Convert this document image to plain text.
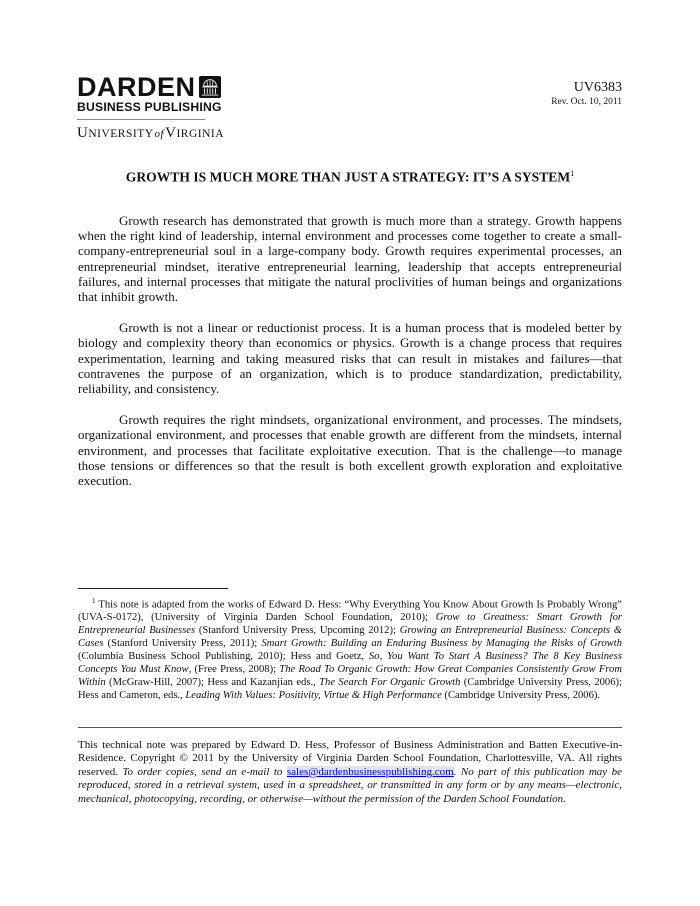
DARDEN
BUSINESS PUBLISHING
UNIVERSITYofVIRGINIA
UV6383
Rev. Oct. 10, 2011
GROWTH IS MUCH MORE THAN JUST A STRATEGY: IT’S A SYSTEM$^1$

Growth research has demonstrated that growth is much more than a strategy. Growth happens when the right kind of leadership, internal environment and processes come together to create a small-company-entrepreneurial soul in a large-company body. Growth requires experimental processes, an entrepreneurial mindset, iterative entrepreneurial learning, leadership that accepts entrepreneurial failures, and internal processes that mitigate the natural proclivities of human beings and organizations that inhibit growth.

Growth is not a linear or reductionist process. It is a human process that is modeled better by biology and complexity theory than economics or physics. Growth is a change process that requires experimentation, learning and taking measured risks that can result in mistakes and failures—that contravenes the purpose of an organization, which is to produce standardization, predictability, reliability, and consistency.

Growth requires the right mindsets, organizational environment, and processes. The mindsets, organizational environment, and processes that enable growth are different from the mindsets, internal environment, and processes that facilitate exploitative execution. That is the challenge—to manage those tensions or differences so that the result is both excellent growth exploration and exploitative execution.

$^1$ This note is adapted from the works of Edward D. Hess: “Why Everything You Know About Growth Is Probably Wrong” (UVA-S-0172), (University of Virginia Darden School Foundation, 2010); Grow to Greatness: Smart Growth for Entrepreneurial Businesses (Stanford University Press, Upcoming 2012); Growing an Entrepreneurial Business: Concepts & Cases (Stanford University Press, 2011); Smart Growth: Building an Enduring Business by Managing the Risks of Growth (Columbia Business School Publishing, 2010); Hess and Goetz, So, You Want To Start A Business? The 8 Key Business Concepts You Must Know, (Free Press, 2008); The Road To Organic Growth: How Great Companies Consistently Grow From Within (McGraw-Hill, 2007); Hess and Kazanjian eds., The Search For Organic Growth (Cambridge University Press, 2006); Hess and Cameron, eds., Leading With Values: Positivity, Virtue & High Performance (Cambridge University Press, 2006).

This technical note was prepared by Edward D. Hess, Professor of Business Administration and Batten Executive-in-Residence. Copyright © 2011 by the University of Virginia Darden School Foundation, Charlottesville, VA. All rights reserved. To order copies, send an e-mail to sales@dardenbusinesspublishing.com. No part of this publication may be reproduced, stored in a retrieval system, used in a spreadsheet, or transmitted in any form or by any means—electronic, mechanical, photocopying, recording, or otherwise—without the permission of the Darden School Foundation.
